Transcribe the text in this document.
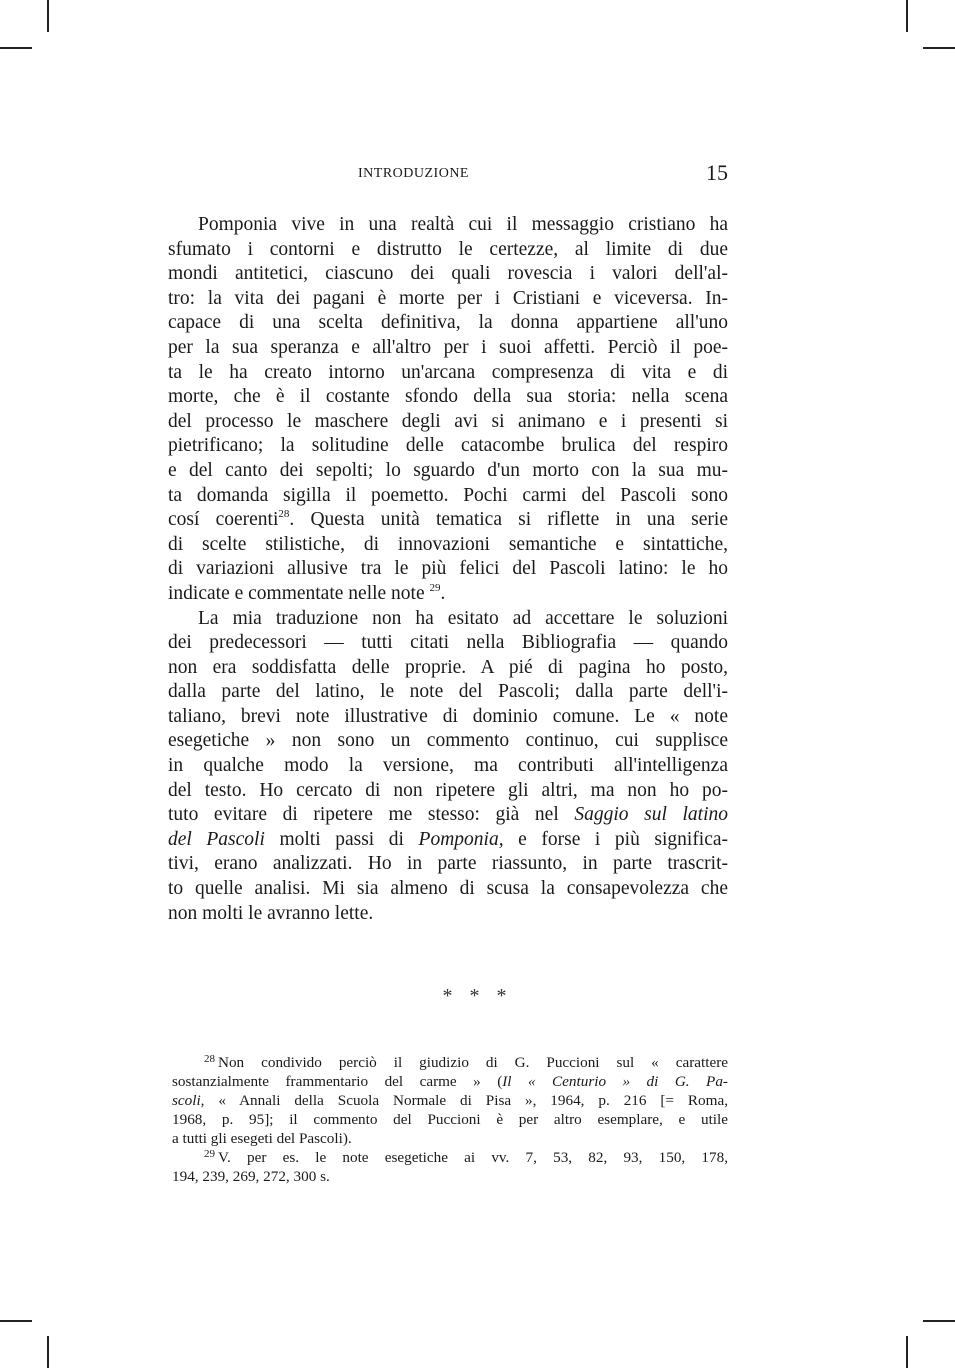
INTRODUZIONE	15
Pomponia vive in una realtà cui il messaggio cristiano ha
sfumato i contorni e distrutto le certezze, al limite di due
mondi antitetici, ciascuno dei quali rovescia i valori dell'al-
tro: la vita dei pagani è morte per i Cristiani e viceversa. In-
capace di una scelta definitiva, la donna appartiene all'uno
per la sua speranza e all'altro per i suoi affetti. Perciò il poe-
ta le ha creato intorno un'arcana compresenza di vita e di
morte, che è il costante sfondo della sua storia: nella scena
del processo le maschere degli avi si animano e i presenti si
pietrificano; la solitudine delle catacombe brulica del respiro
e del canto dei sepolti; lo sguardo d'un morto con la sua mu-
ta domanda sigilla il poemetto. Pochi carmi del Pascoli sono
cosí coerenti$^{28}$. Questa unità tematica si riflette in una serie
di scelte stilistiche, di innovazioni semantiche e sintattiche,
di variazioni allusive tra le più felici del Pascoli latino: le ho
indicate e commentate nelle note $^{29}$.
La mia traduzione non ha esitato ad accettare le soluzioni
dei predecessori — tutti citati nella Bibliografia — quando
non era soddisfatta delle proprie. A pié di pagina ho posto,
dalla parte del latino, le note del Pascoli; dalla parte dell'i-
taliano, brevi note illustrative di dominio comune. Le « note
esegetiche » non sono un commento continuo, cui supplisce
in qualche modo la versione, ma contributi all'intelligenza
del testo. Ho cercato di non ripetere gli altri, ma non ho po-
tuto evitare di ripetere me stesso: già nel Saggio sul latino
del Pascoli molti passi di Pomponia, e forse i più significa-
tivi, erano analizzati. Ho in parte riassunto, in parte trascrit-
to quelle analisi. Mi sia almeno di scusa la consapevolezza che
non molti le avranno lette.
* * *
$^{28}$ Non condivido perciò il giudizio di G. Puccioni sul « carattere
sostanzialmente frammentario del carme » (Il « Centurio » di G. Pa-
scoli, « Annali della Scuola Normale di Pisa », 1964, p. 216 [= Roma,
1968, p. 95]; il commento del Puccioni è per altro esemplare, e utile
a tutti gli esegeti del Pascoli).
$^{29}$ V. per es. le note esegetiche ai vv. 7, 53, 82, 93, 150, 178,
194, 239, 269, 272, 300 s.
